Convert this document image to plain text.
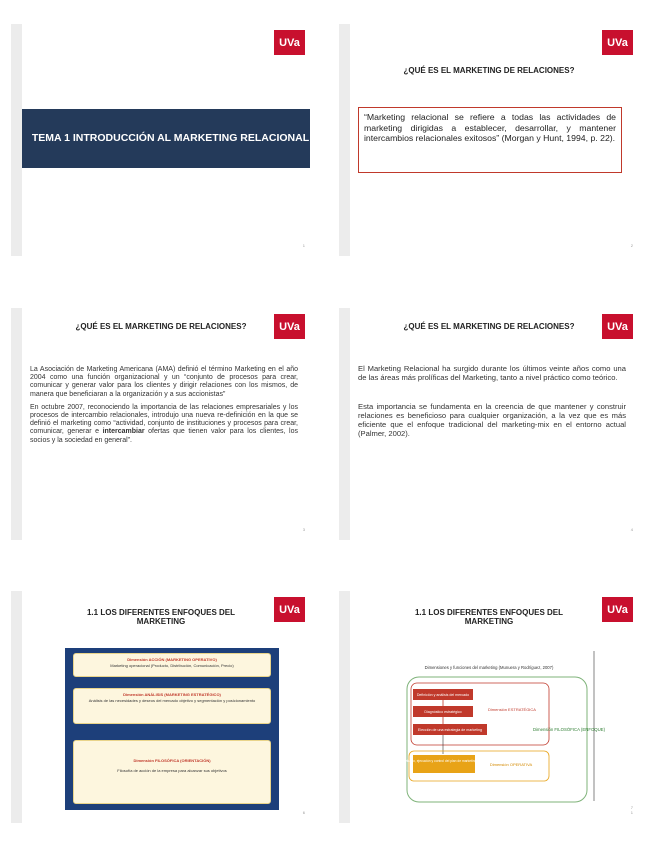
UVa
TEMA 1 INTRODUCCIÓN AL MARKETING RELACIONAL
1
UVa
¿QUÉ ES EL MARKETING DE RELACIONES?
“Marketing relacional se refiere a todas las actividades de marketing dirigidas a establecer, desarrollar, y mantener intercambios relacionales exitosos” (Morgan y Hunt, 1994, p. 22).
2
UVa
¿QUÉ ES EL MARKETING DE RELACIONES?

La Asociación de Marketing Americana (AMA) definió el término Marketing en el año 2004 como una función organizacional y un “conjunto de procesos para crear, comunicar y generar valor para los clientes y dirigir relaciones con los mismos, de manera que beneficiaran a la organización y a sus accionistas”

En octubre 2007, reconociendo la importancia de las relaciones empresariales y los procesos de intercambio relacionales, introdujo una nueva re-definición en la que se definió el marketing como “actividad, conjunto de instituciones y procesos para crear, comunicar, generar e intercambiar ofertas que tienen valor para los clientes, los socios y la sociedad en general”.

3
UVa
¿QUÉ ES EL MARKETING DE RELACIONES?

El Marketing Relacional ha surgido durante los últimos veinte años como una de las áreas más prolíficas del Marketing, tanto a nivel práctico como teórico.

Esta importancia se fundamenta en la creencia de que mantener y construir relaciones es beneficioso para cualquier organización, a la vez que es más eficiente que el enfoque tradicional del marketing-mix en el entorno actual (Palmer, 2002).

4
UVa
1.1 LOS DIFERENTES ENFOQUES DEL MARKETING
Dimensión ACCIÓN (MARKETING OPERATIVO)
Marketing operacional (Producto, Distribución, Comunicación, Precio)
Dimensión ANÁLISIS (MARKETING ESTRATÉGICO)
Análisis de las necesidades y deseos del mercado objetivo y segmentación y posicionamiento
Dimensión FILOSÓFICA (ORIENTACIÓN)
Filosofía de acción de la empresa para alcanzar sus objetivos
6
UVa
1.1 LOS DIFERENTES ENFOQUES DEL MARKETING
Dimensiones y funciones del marketing (Munuera y Rodríguez, 2007)
Definición y análisis del mercado
Diagnóstico estratégico
Elección de una estrategia de marketing
Diseño, ejecución y control del plan de marketing-MIX
Dimensión ESTRATÉGICA
Dimensión FILOSÓFICA (ENFOQUE)
Dimensión OPERATIVA
7
1
